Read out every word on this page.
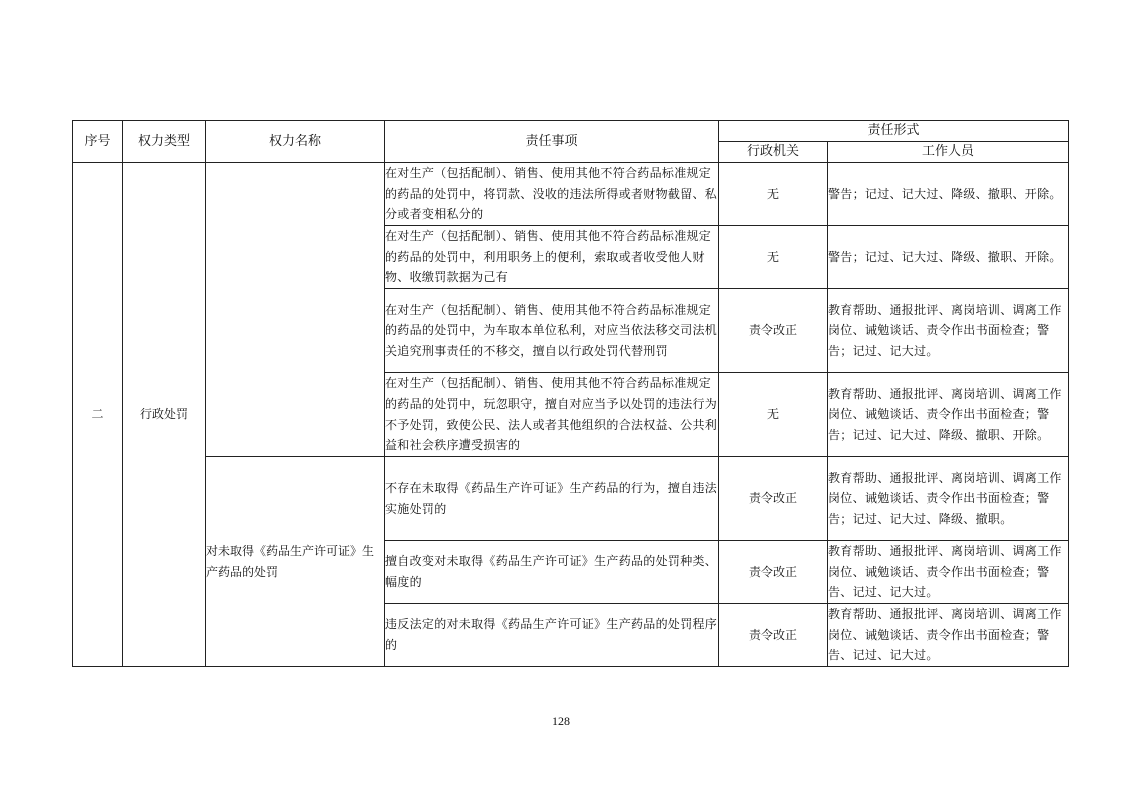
序号	权力类型	权力名称	责任事项	责任形式	
				行政机关	工作人员
二	行政处罚		在对生产（包括配制）、销售、使用其他不符合药品标准规定的药品的处罚中，将罚款、没收的违法所得或者财物截留、私分或者变相私分的	无	警告；记过、记大过、降级、撤职、开除。
			在对生产（包括配制）、销售、使用其他不符合药品标准规定的药品的处罚中，利用职务上的便利，索取或者收受他人财物、收缴罚款据为己有	无	警告；记过、记大过、降级、撤职、开除。
			在对生产（包括配制）、销售、使用其他不符合药品标准规定的药品的处罚中，为车取本单位私利，对应当依法移交司法机关追究刑事责任的不移交，擅自以行政处罚代替刑罚	责令改正	教育帮助、通报批评、离岗培训、调离工作岗位、诫勉谈话、责令作出书面检查；警告；记过、记大过。
			在对生产（包括配制）、销售、使用其他不符合药品标准规定的药品的处罚中，玩忽职守，擅自对应当予以处罚的违法行为不予处罚，致使公民、法人或者其他组织的合法权益、公共利益和社会秩序遭受损害的	无	教育帮助、通报批评、离岗培训、调离工作岗位、诫勉谈话、责令作出书面检查；警告；记过、记大过、降级、撤职、开除。
		对未取得《药品生产许可证》生产药品的处罚	不存在未取得《药品生产许可证》生产药品的行为，擅自违法实施处罚的	责令改正	教育帮助、通报批评、离岗培训、调离工作岗位、诫勉谈话、责令作出书面检查；警告；记过、记大过、降级、撤职。
			擅自改变对未取得《药品生产许可证》生产药品的处罚种类、幅度的	责令改正	教育帮助、通报批评、离岗培训、调离工作岗位、诫勉谈话、责令作出书面检查；警告、记过、记大过。
			违反法定的对未取得《药品生产许可证》生产药品的处罚程序的	责令改正	教育帮助、通报批评、离岗培训、调离工作岗位、诫勉谈话、责令作出书面检查；警告、记过、记大过。
128
